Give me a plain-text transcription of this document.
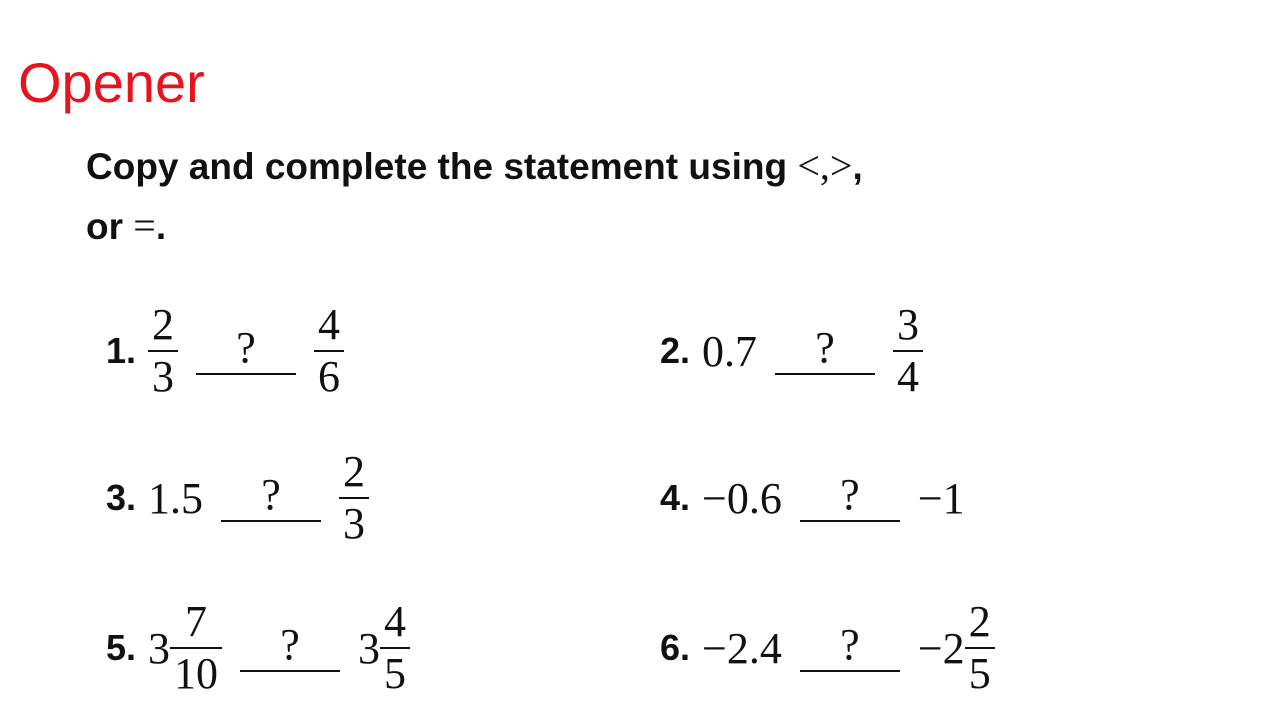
Opener
Copy and complete the statement using <,>,
or =.
1. $\frac{2}{3}$	?	$\frac{4}{6}$	2. 0.7	?	$\frac{3}{4}$
3. 1.5	?	$\frac{2}{3}$	4. −0.6	?	−1
5. $3 \frac{7}{10}$	?	$3 \frac{4}{5}$	6. −2.4	?	$-2 \frac{2}{5}$
